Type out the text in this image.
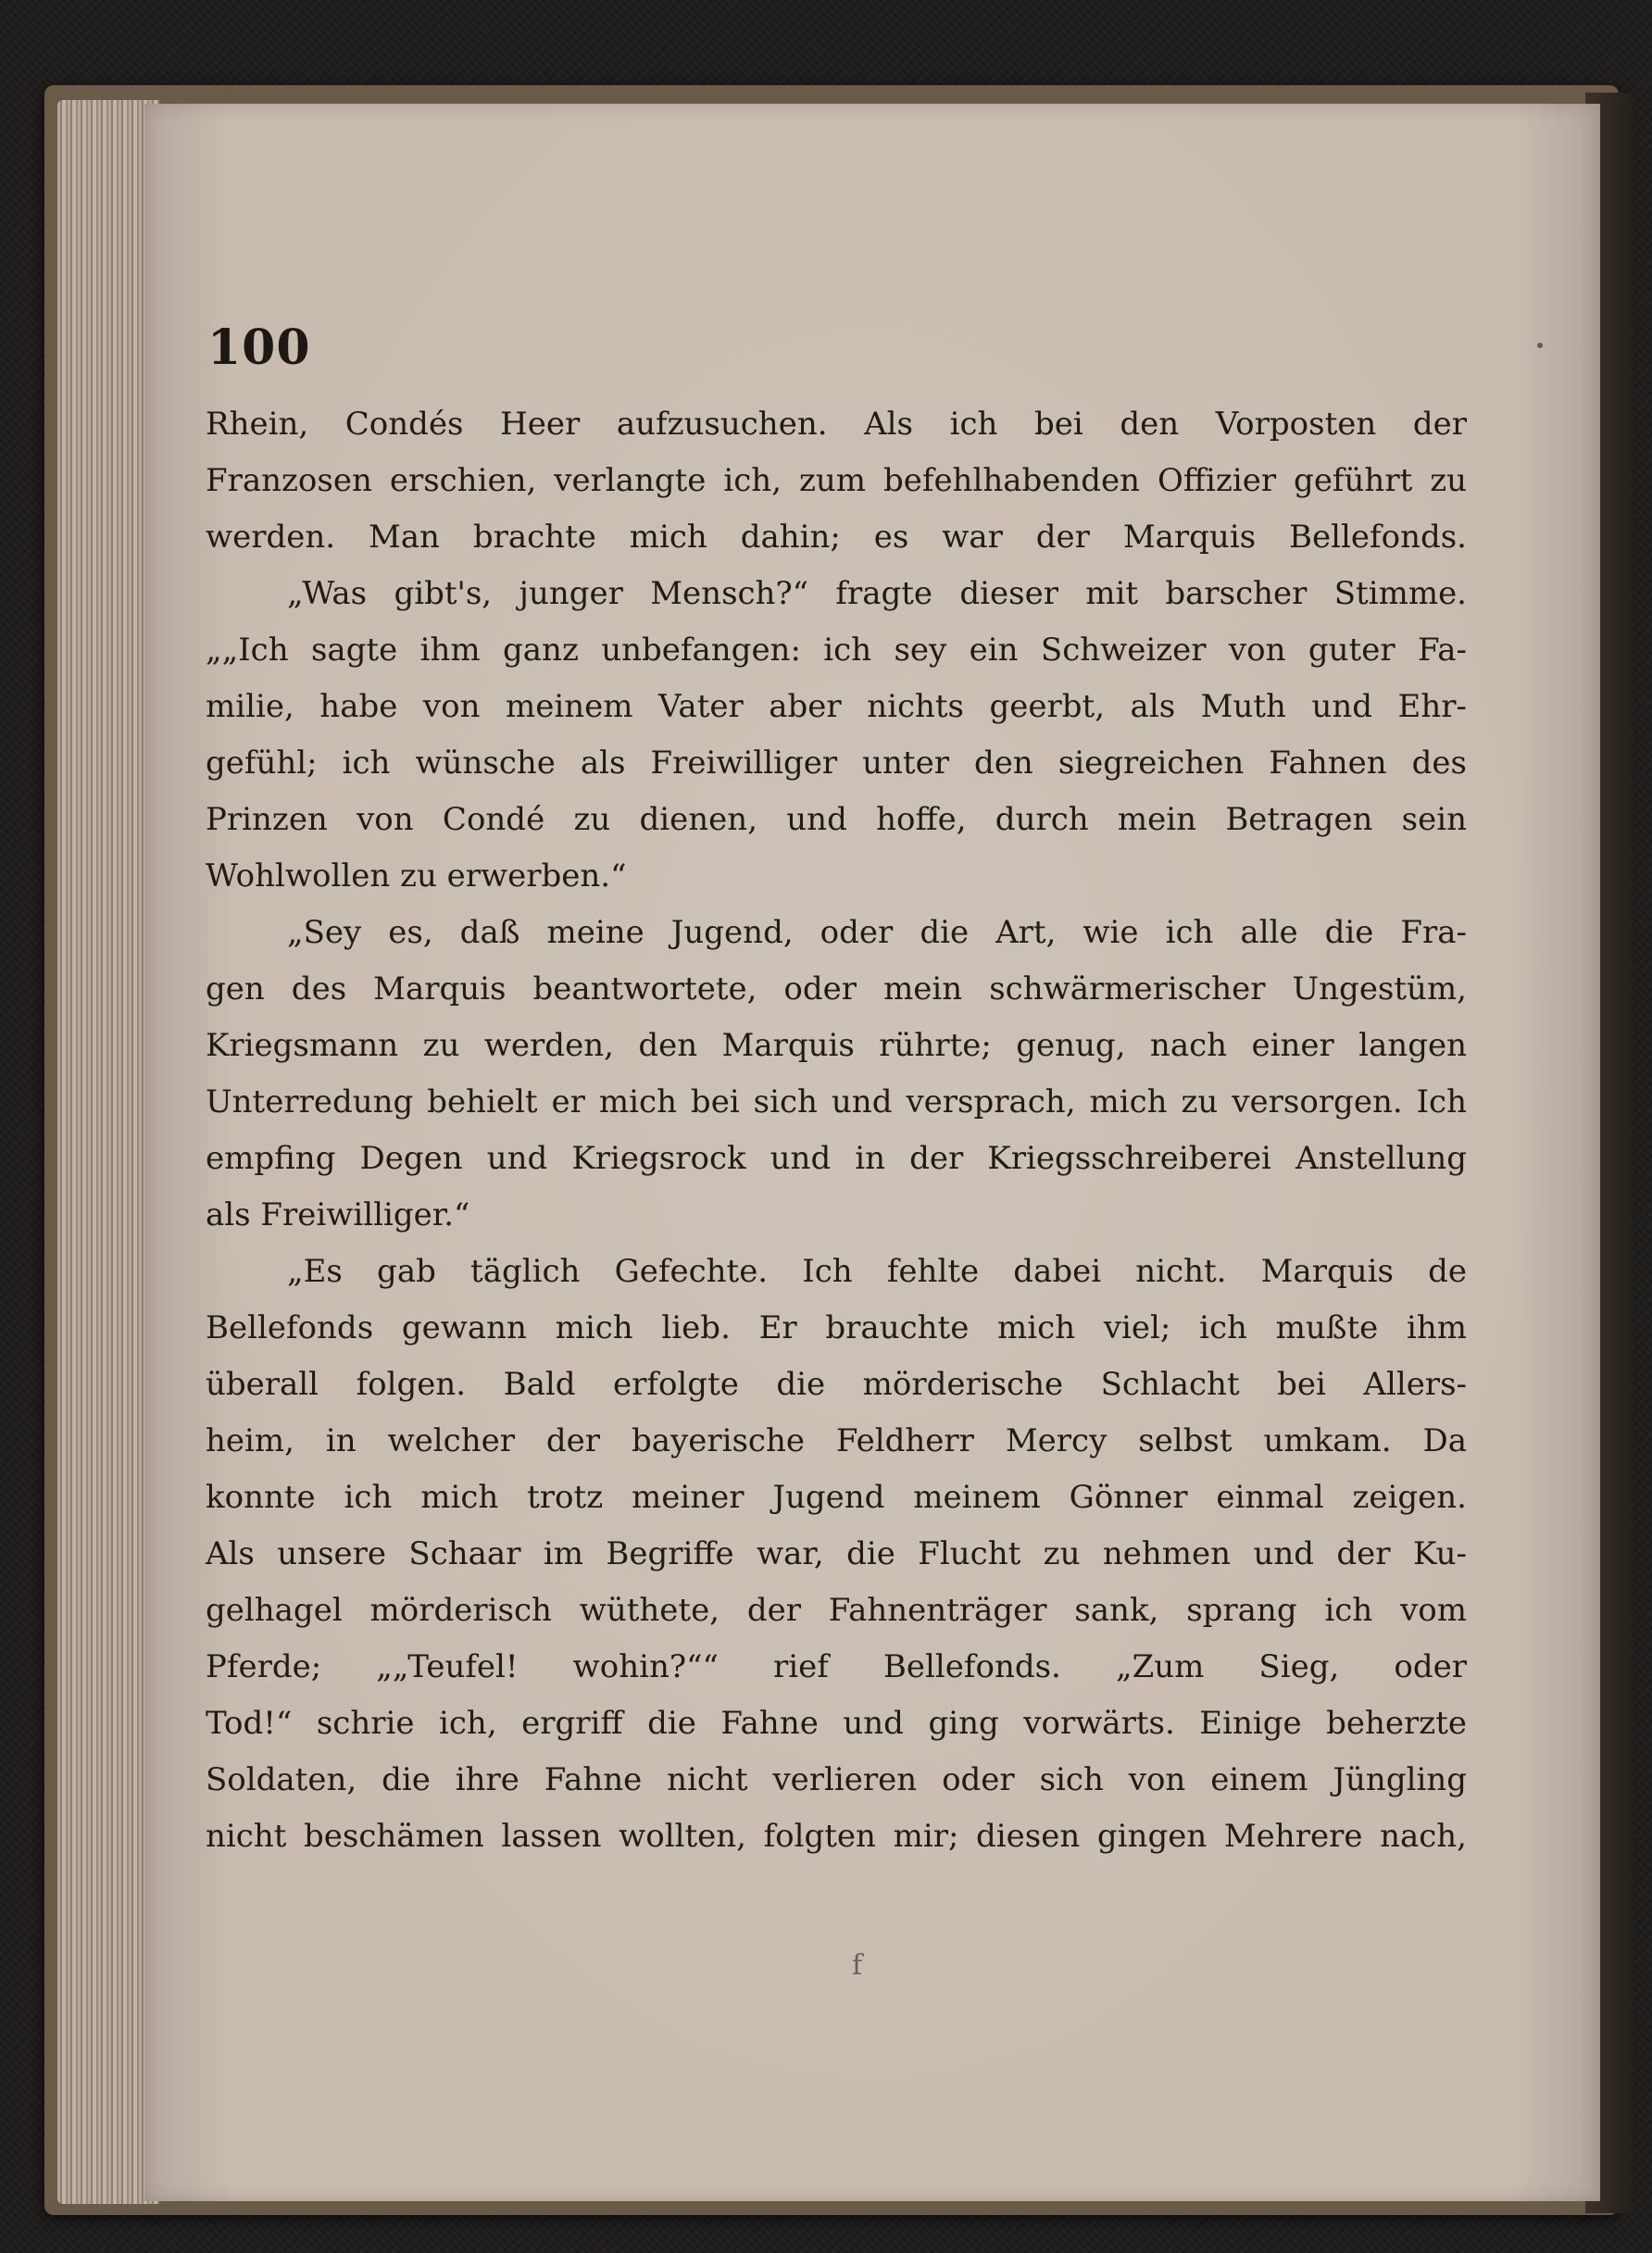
100
Rhein, Condés Heer aufzusuchen. Als ich bei den Vorposten der
Franzosen erschien, verlangte ich, zum befehlhabenden Offizier geführt zu
werden. Man brachte mich dahin; es war der Marquis Bellefonds.
„Was gibt's, junger Mensch?“ fragte dieser mit barscher Stimme.
„„Ich sagte ihm ganz unbefangen: ich sey ein Schweizer von guter Fa-
milie, habe von meinem Vater aber nichts geerbt, als Muth und Ehr-
gefühl; ich wünsche als Freiwilliger unter den siegreichen Fahnen des
Prinzen von Condé zu dienen, und hoffe, durch mein Betragen sein
Wohlwollen zu erwerben.“
„Sey es, daß meine Jugend, oder die Art, wie ich alle die Fra-
gen des Marquis beantwortete, oder mein schwärmerischer Ungestüm,
Kriegsmann zu werden, den Marquis rührte; genug, nach einer langen
Unterredung behielt er mich bei sich und versprach, mich zu versorgen. Ich
empfing Degen und Kriegsrock und in der Kriegsschreiberei Anstellung
als Freiwilliger.“
„Es gab täglich Gefechte. Ich fehlte dabei nicht. Marquis de
Bellefonds gewann mich lieb. Er brauchte mich viel; ich mußte ihm
überall folgen. Bald erfolgte die mörderische Schlacht bei Allers-
heim, in welcher der bayerische Feldherr Mercy selbst umkam. Da
konnte ich mich trotz meiner Jugend meinem Gönner einmal zeigen.
Als unsere Schaar im Begriffe war, die Flucht zu nehmen und der Ku-
gelhagel mörderisch wüthete, der Fahnenträger sank, sprang ich vom
Pferde; „„Teufel! wohin?““ rief Bellefonds. „Zum Sieg, oder
Tod!“ schrie ich, ergriff die Fahne und ging vorwärts. Einige beherzte
Soldaten, die ihre Fahne nicht verlieren oder sich von einem Jüngling
nicht beschämen lassen wollten, folgten mir; diesen gingen Mehrere nach,
f
